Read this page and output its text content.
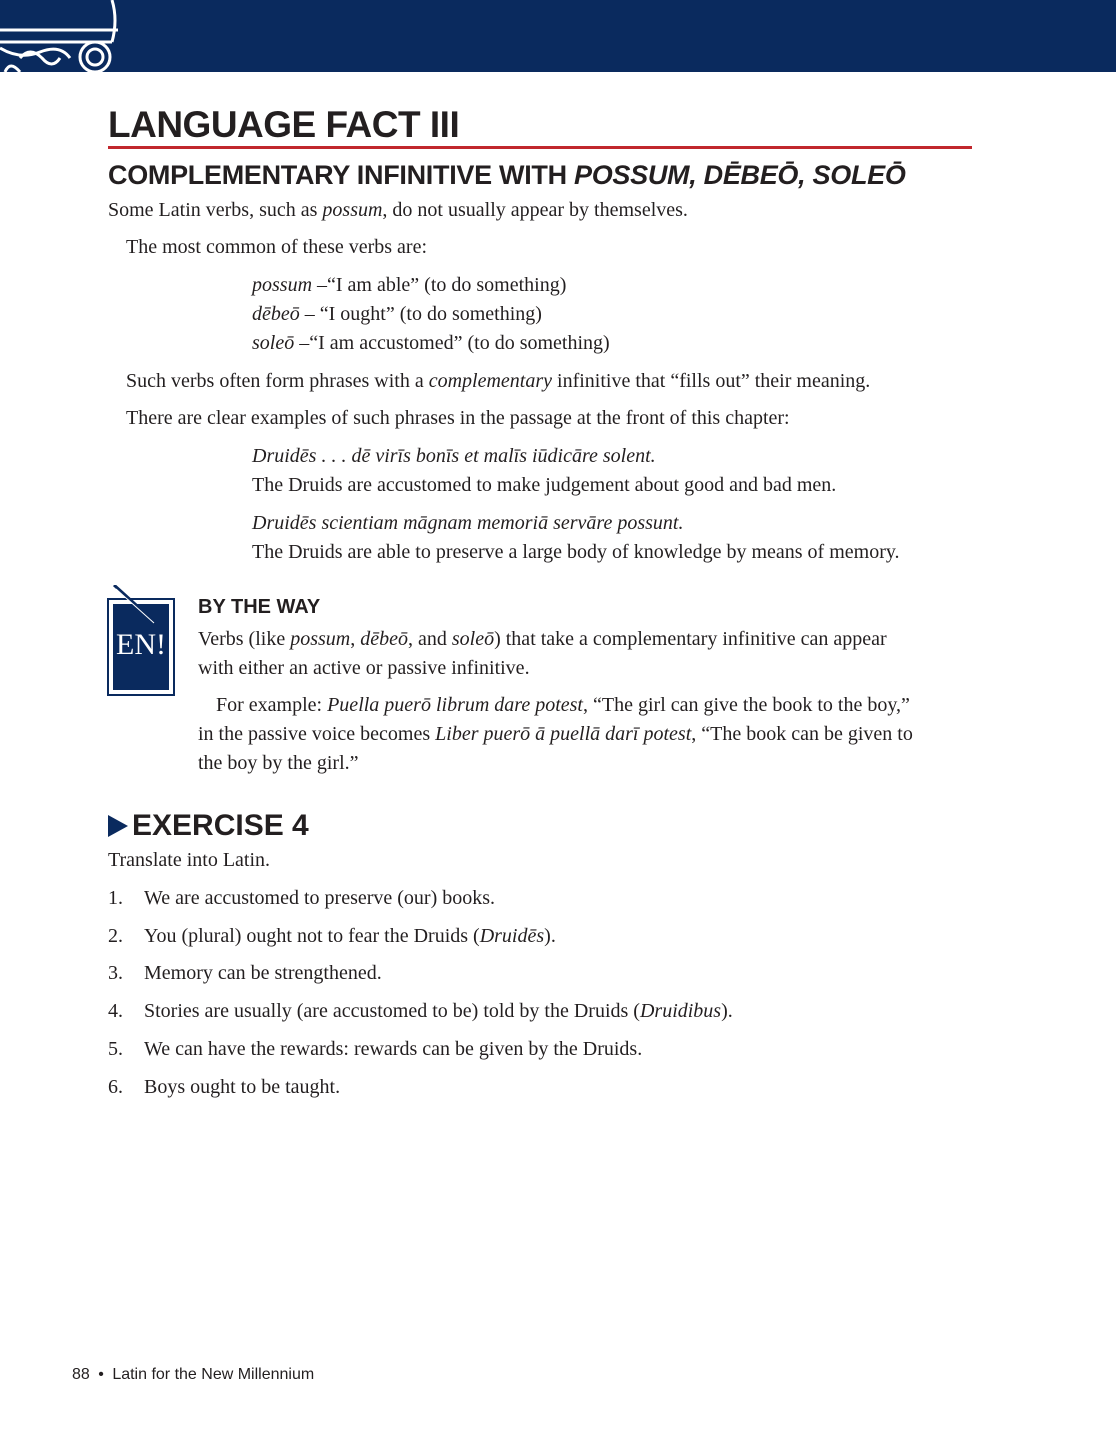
LANGUAGE FACT III
COMPLEMENTARY INFINITIVE WITH POSSUM, DĒBEŌ, SOLEŌ
Some Latin verbs, such as possum, do not usually appear by themselves.
The most common of these verbs are:
possum –“I am able” (to do something)
dēbeō – “I ought” (to do something)
soleō –“I am accustomed” (to do something)
Such verbs often form phrases with a complementary infinitive that “fills out” their meaning.
There are clear examples of such phrases in the passage at the front of this chapter:
Druidēs . . . dē virīs bonīs et malīs iūdicāre solent.
The Druids are accustomed to make judgement about good and bad men.
Druidēs scientiam māgnam memoriā servāre possunt.
The Druids are able to preserve a large body of knowledge by means of memory.
EN!
BY THE WAY
Verbs (like possum, dēbeō, and soleō) that take a complementary infinitive can appear
with either an active or passive infinitive.
For example: Puella puerō librum dare potest, “The girl can give the book to the boy,”
in the passive voice becomes Liber puerō ā puellā darī potest, “The book can be given to
the boy by the girl.”
EXERCISE 4
Translate into Latin.
1. We are accustomed to preserve (our) books.
2. You (plural) ought not to fear the Druids (Druidēs).
3. Memory can be strengthened.
4. Stories are usually (are accustomed to be) told by the Druids (Druidibus).
5. We can have the rewards: rewards can be given by the Druids.
6. Boys ought to be taught.
88 • Latin for the New Millennium
